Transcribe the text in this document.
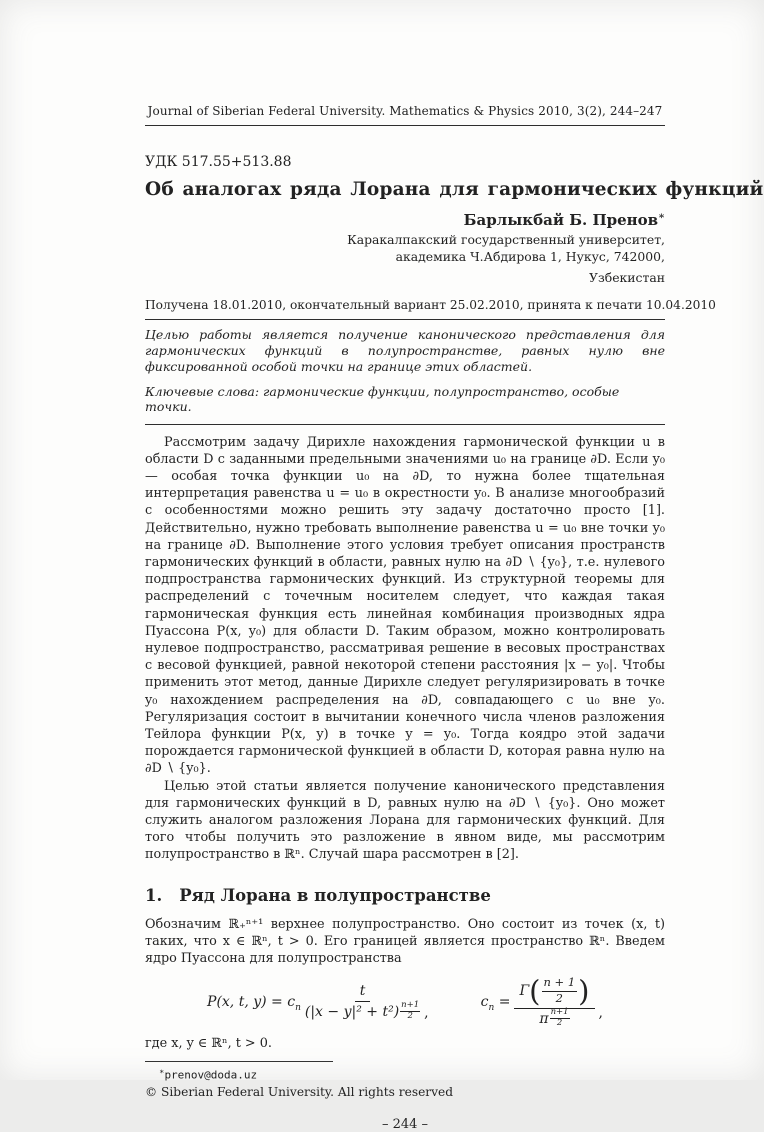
Journal of Siberian Federal University. Mathematics & Physics 2010, 3(2), 244–247
УДК 517.55+513.88
Об аналогах ряда Лорана для гармонических функций
Барлыкбай Б. Пренов∗
Каракалпакский государственный университет,
академика Ч.Абдирова 1, Нукус, 742000,
Узбекистан
Получена 18.01.2010, окончательный вариант 25.02.2010, принята к печати 10.04.2010
Целью работы является получение канонического представления для гармонических функций в полупространстве, равных нулю вне фиксированной особой точки на границе этих областей.
Ключевые слова: гармонические функции, полупространство, особые точки.

Рассмотрим задачу Дирихле нахождения гармонической функции u в области D с заданными предельными значениями u₀ на границе ∂D. Если y₀ — особая точка функции u₀ на ∂D, то нужна более тщательная интерпретация равенства u = u₀ в окрестности y₀. В анализе многообразий с особенностями можно решить эту задачу достаточно просто [1]. Действительно, нужно требовать выполнение равенства u = u₀ вне точки y₀ на границе ∂D. Выполнение этого условия требует описания пространств гармонических функций в области, равных нулю на ∂D ∖ {y₀}, т.е. нулевого подпространства гармонических функций. Из структурной теоремы для распределений с точечным носителем следует, что каждая такая гармоническая функция есть линейная комбинация производных ядра Пуассона P(x, y₀) для области D. Таким образом, можно контролировать нулевое подпространство, рассматривая решение в весовых пространствах с весовой функцией, равной некоторой степени расстояния |x − y₀|. Чтобы применить этот метод, данные Дирихле следует регуляризировать в точке y₀ нахождением распределения на ∂D, совпадающего с u₀ вне y₀. Регуляризация состоит в вычитании конечного числа членов разложения Тейлора функции P(x, y) в точке y = y₀. Тогда коядро этой задачи порождается гармонической функцией в области D, которая равна нулю на ∂D ∖ {y₀}.

Целью этой статьи является получение канонического представления для гармонических функций в D, равных нулю на ∂D ∖ {y₀}. Оно может служить аналогом разложения Лорана для гармонических функций. Для того чтобы получить это разложение в явном виде, мы рассмотрим полупространство в ℝⁿ. Случай шара рассмотрен в [2].

1. Ряд Лорана в полупространстве

Обозначим ℝ₊ⁿ⁺¹ верхнее полупространство. Оно состоит из точек (x, t) таких, что x ∈ ℝⁿ, t > 0. Его границей является пространство ℝⁿ. Введем ядро Пуассона для полупространства

P(x, t, $y) = c_n$
t
$(|x - y|^2 + t^2) \frac{n+1}{2}$ ,
$c_n$ =
Γ ( $\frac{n + 1}{2}$ )
π $\frac{n+1}{2}$ ,
где x, y ∈ ℝⁿ, t > 0.
∗prenov@doda.uz
© Siberian Federal University. All rights reserved
– 244 –
